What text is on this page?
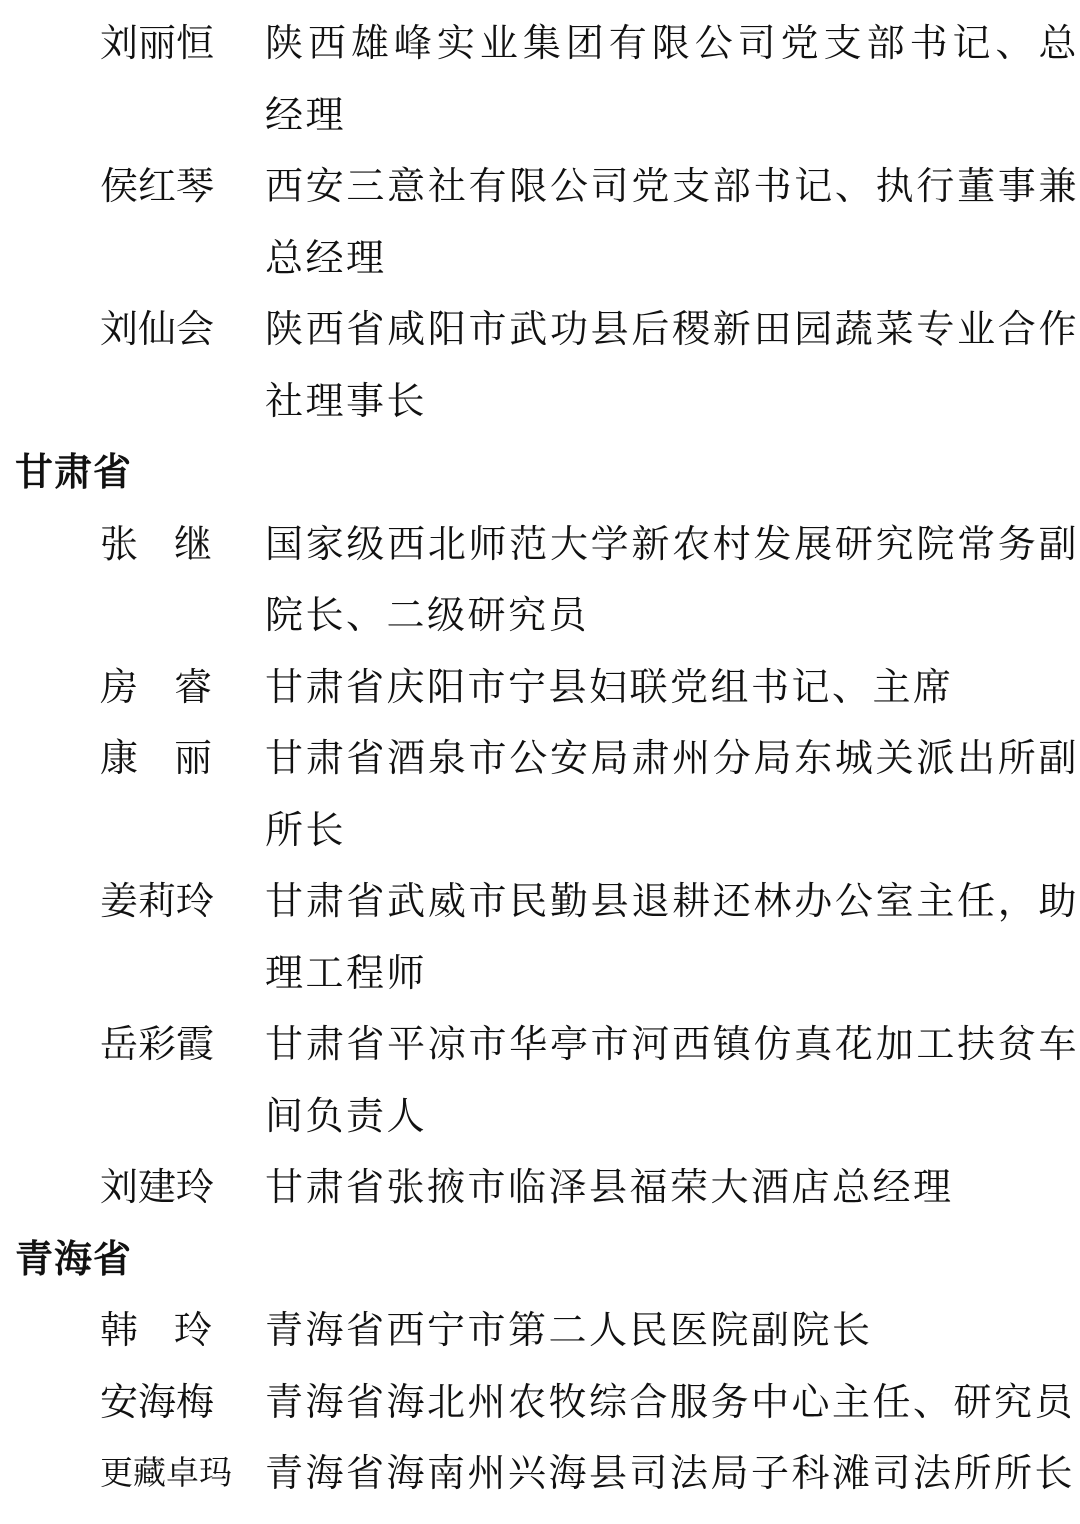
刘 丽 恒 陕西雄峰实业集团有限公司党支部书记、总
经理
侯 红 琴 西安三意社有限公司党支部书记、执行董事兼
总经理
刘 仙 会 陕西省咸阳市武功县后稷新田园蔬菜专业合作
社理事长
甘肃省
张 继 国家级西北师范大学新农村发展研究院常务副
院长、二级研究员
房 睿 甘肃省庆阳市宁县妇联党组书记、主席
康 丽 甘肃省酒泉市公安局肃州分局东城关派出所副
所长
姜 莉 玲 甘肃省武威市民勤县退耕还林办公室主任，助
理工程师
岳 彩 霞 甘肃省平凉市华亭市河西镇仿真花加工扶贫车
间负责人
刘 建 玲 甘肃省张掖市临泽县福荣大酒店总经理
青海省
韩 玲 青海省西宁市第二人民医院副院长
安 海 梅 青海省海北州农牧综合服务中心主任、研究员
更 藏 卓 玛 青海省海南州兴海县司法局子科滩司法所所长
